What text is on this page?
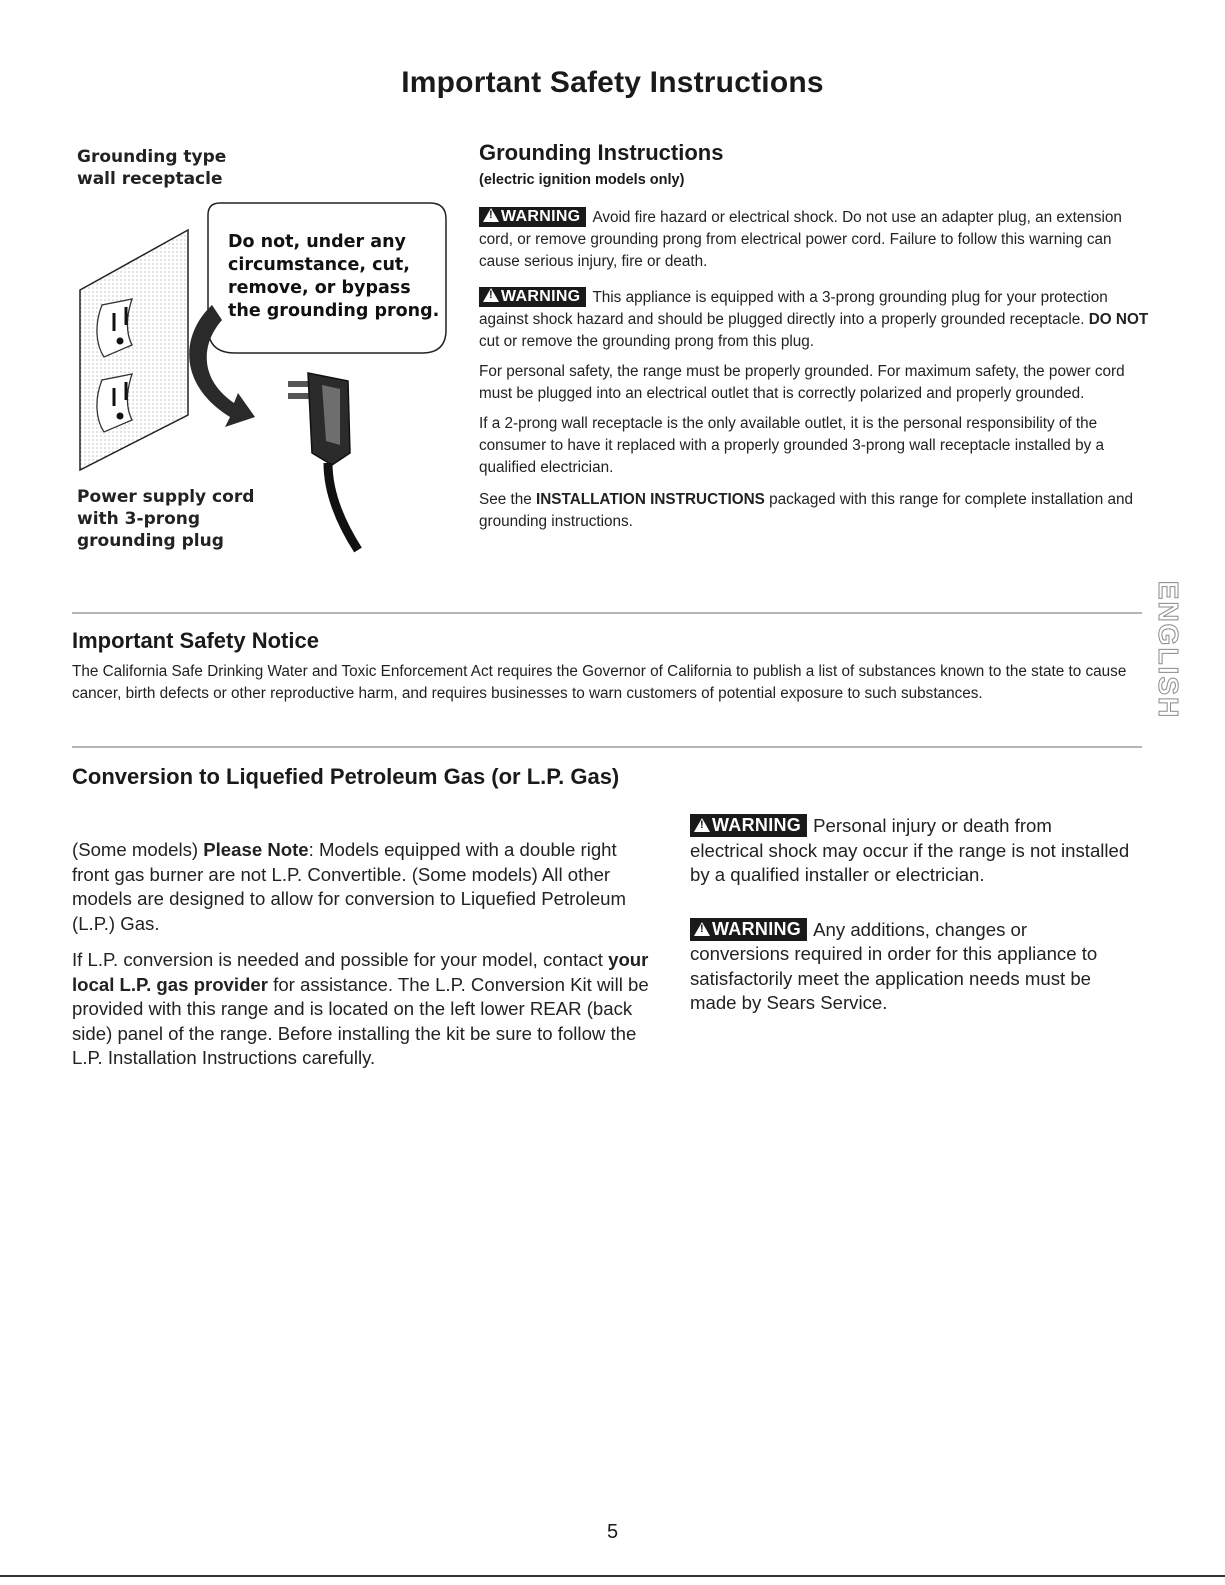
Important Safety Instructions
Grounding type
wall receptacle
Do not, under any
circumstance, cut,
remove, or bypass
the grounding prong.
Power supply cord
with 3-prong
grounding plug
Grounding Instructions
(electric ignition models only)

!WARNING Avoid fire hazard or electrical shock. Do not use an adapter plug, an extension cord, or remove grounding prong from electrical power cord. Failure to follow this warning can cause serious injury, fire or death.

!WARNING This appliance is equipped with a 3-prong grounding plug for your protection against shock hazard and should be plugged directly into a properly grounded receptacle. DO NOT cut or remove the grounding prong from this plug.

For personal safety, the range must be properly grounded. For maximum safety, the power cord must be plugged into an electrical outlet that is correctly polarized and properly grounded.

If a 2-prong wall receptacle is the only available outlet, it is the personal responsibility of the consumer to have it replaced with a properly grounded 3-prong wall receptacle installed by a qualified electrician.

See the INSTALLATION INSTRUCTIONS packaged with this range for complete installation and grounding instructions.

Important Safety Notice

The California Safe Drinking Water and Toxic Enforcement Act requires the Governor of California to publish a list of substances known to the state to cause cancer, birth defects or other reproductive harm, and requires businesses to warn customers of potential exposure to such substances.	ENGLISH
Conversion to Liquefied Petroleum Gas (or L.P. Gas)

(Some models) Please Note: Models equipped with a double right front gas burner are not L.P. Convertible. (Some models) All other models are designed to allow for conversion to Liquefied Petroleum (L.P.) Gas.

If L.P. conversion is needed and possible for your model, contact your local L.P. gas provider for assistance. The L.P. Conversion Kit will be provided with this range and is located on the left lower REAR (back side) panel of the range. Before installing the kit be sure to follow the L.P. Installation Instructions carefully.

!WARNING Personal injury or death from electrical shock may occur if the range is not installed by a qualified installer or electrician.

!WARNING Any additions, changes or conversions required in order for this appliance to satisfactorily meet the application needs must be made by Sears Service.

5
